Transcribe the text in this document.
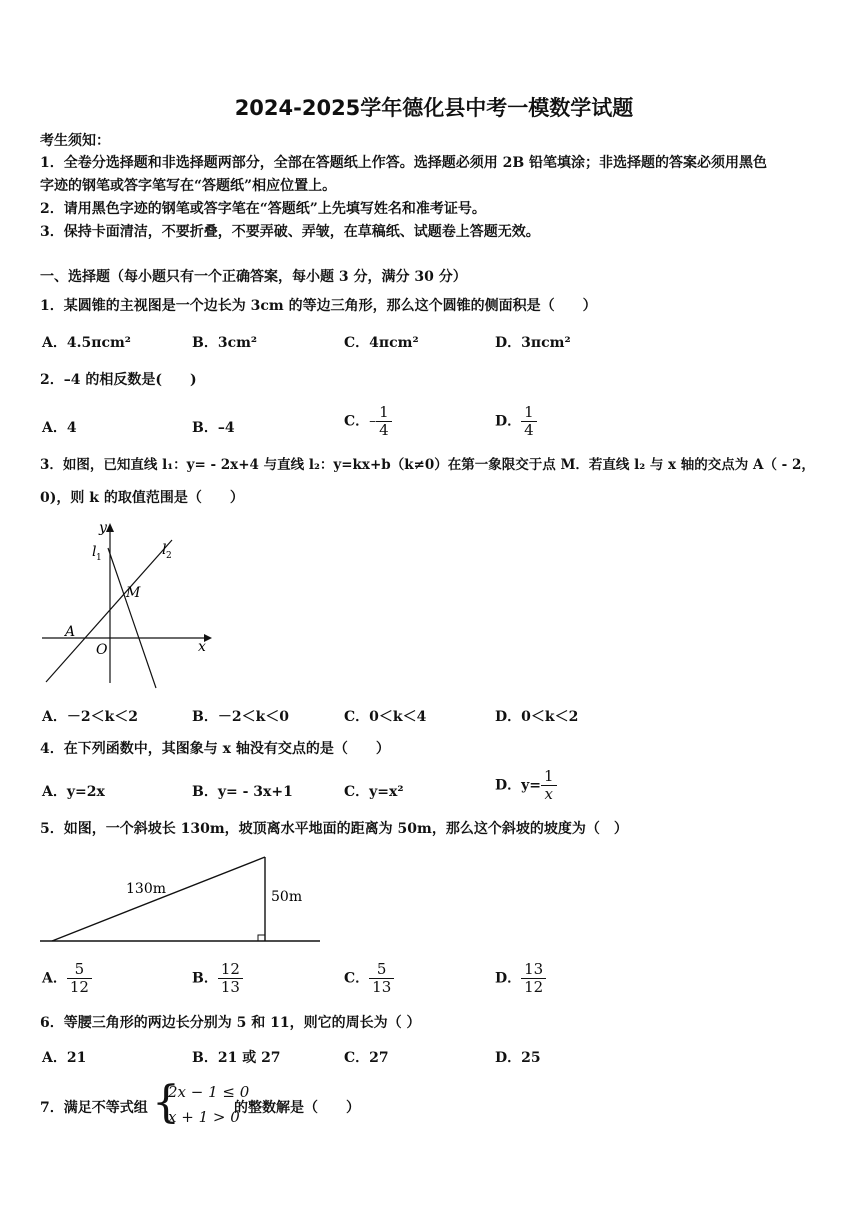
2024-2025学年德化县中考一模数学试题
考生须知：
1．全卷分选择题和非选择题两部分，全部在答题纸上作答。选择题必须用 2B 铅笔填涂；非选择题的答案必须用黑色
字迹的钢笔或答字笔写在“答题纸”相应位置上。
2．请用黑色字迹的钢笔或答字笔在“答题纸”上先填写姓名和准考证号。
3．保持卡面清洁，不要折叠，不要弄破、弄皱，在草稿纸、试题卷上答题无效。
一、选择题（每小题只有一个正确答案，每小题 3 分，满分 30 分）
1．某圆锥的主视图是一个边长为 3cm 的等边三角形，那么这个圆锥的侧面积是（　　）
A．4.5πcm²	B．3cm²	C．4πcm²	D．3πcm²
2．–4 的相反数是(　　)
A．4	B．–4	C．– $\frac{1}{4}$	D． $\frac{1}{4}$
3．如图，已知直线 l₁：y= - 2x+4 与直线 l₂：y=kx+b（k≠0）在第一象限交于点 M．若直线 l₂ 与 x 轴的交点为 A（ - 2，
0)，则 k 的取值范围是（　　）
y
x
l 1	l 2
M
A
O
A．－2＜k＜2	B．－2＜k＜0	C．0＜k＜4	D．0＜k＜2
4．在下列函数中，其图象与 x 轴没有交点的是（　　）
A．y=2x	B．y= - 3x+1	C．y=x²	D．$y= \frac{1}{x}$
5．如图，一个斜坡长 130m，坡顶离水平地面的距离为 50m，那么这个斜坡的坡度为（　）
130m	50m
A． $\frac{5}{12}$	B． $\frac{12}{13}$	C． $\frac{5}{13}$	D． $\frac{13}{12}$
6．等腰三角形的两边长分别为 5 和 11，则它的周长为（ ）
A．21	B．21 或 27	C．27	D．25
7．满足不等式组 {
2x − 1 ≤ 0
x + 1 > 0
的整数解是（　　）
